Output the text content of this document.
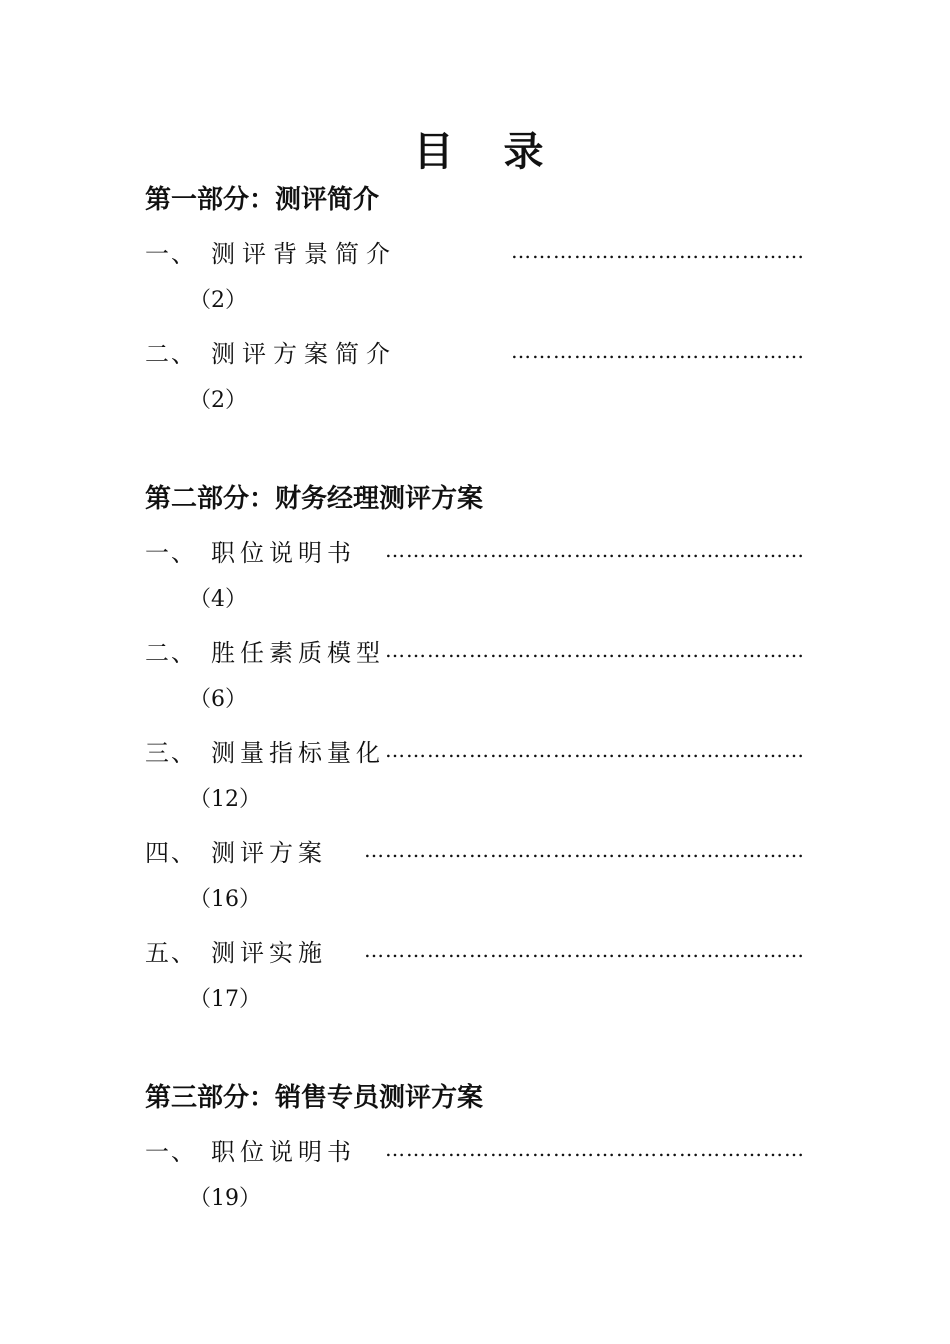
目 录
第一部分：测评简介
一、 测评背景简介	……………………………………
（2）
二、 测评方案简介	……………………………………
（2）
第二部分：财务经理测评方案
一、 职位说明书	……………………………………………………
（4）
二、 胜任素质模型 ……………………………………………………
（6）
三、 测量指标量化 ……………………………………………………
（12）
四、 测评方案	………………………………………………………
（16）
五、 测评实施	………………………………………………………
（17）
第三部分：销售专员测评方案
一、 职位说明书	……………………………………………………
（19）
